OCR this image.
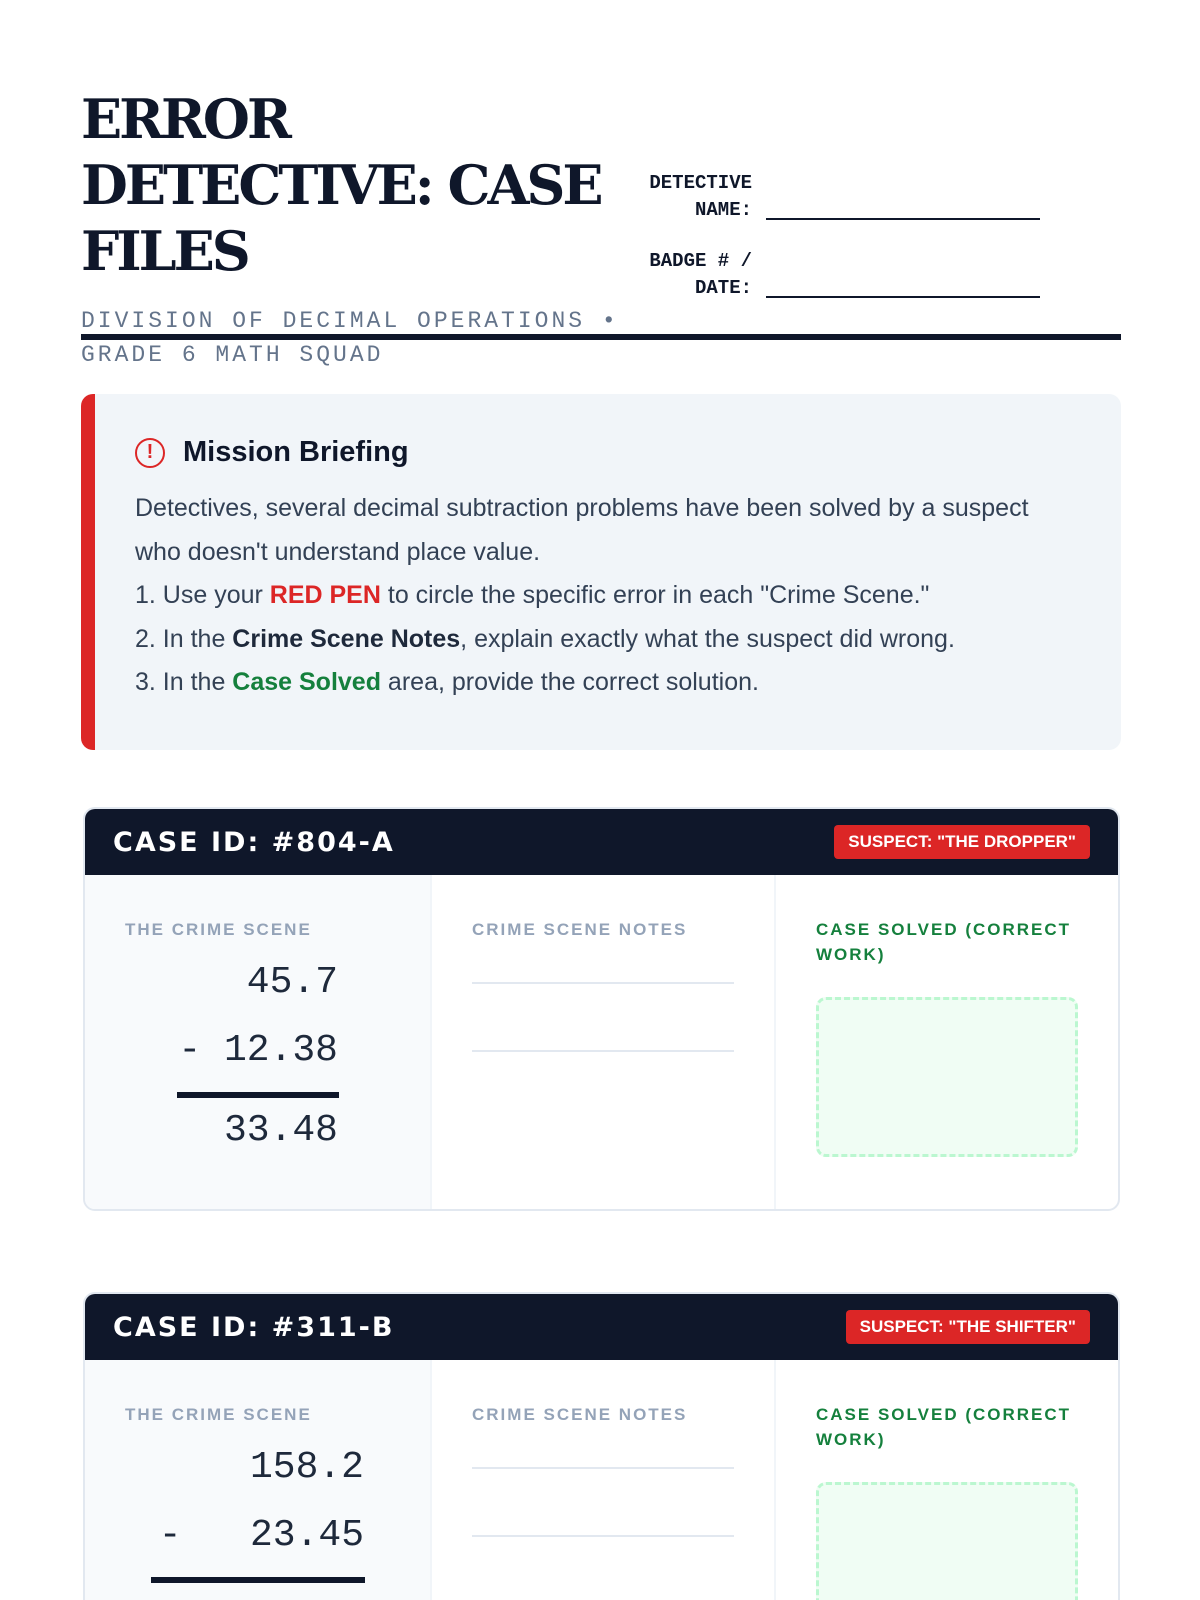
ERROR DETECTIVE: CASE FILES
DIVISION OF DECIMAL OPERATIONS • GRADE 6 MATH SQUAD
DETECTIVE
NAME:
BADGE # /
DATE:
!	Mission Briefing
Detectives, several decimal subtraction problems have been solved by a suspect who doesn't understand place value.
1. Use your RED PEN to circle the specific error in each "Crime Scene."
2. In the Crime Scene Notes, explain exactly what the suspect did wrong.
3. In the Case Solved area, provide the correct solution.
CASE ID: #804-A	SUSPECT: "THE DROPPER"
THE CRIME SCENE
45.7
- 12.38
33.48
CRIME SCENE NOTES	CASE SOLVED (CORRECT WORK)
CASE ID: #311-B	SUSPECT: "THE SHIFTER"
THE CRIME SCENE
158.2
-   23.45
CRIME SCENE NOTES	CASE SOLVED (CORRECT WORK)
